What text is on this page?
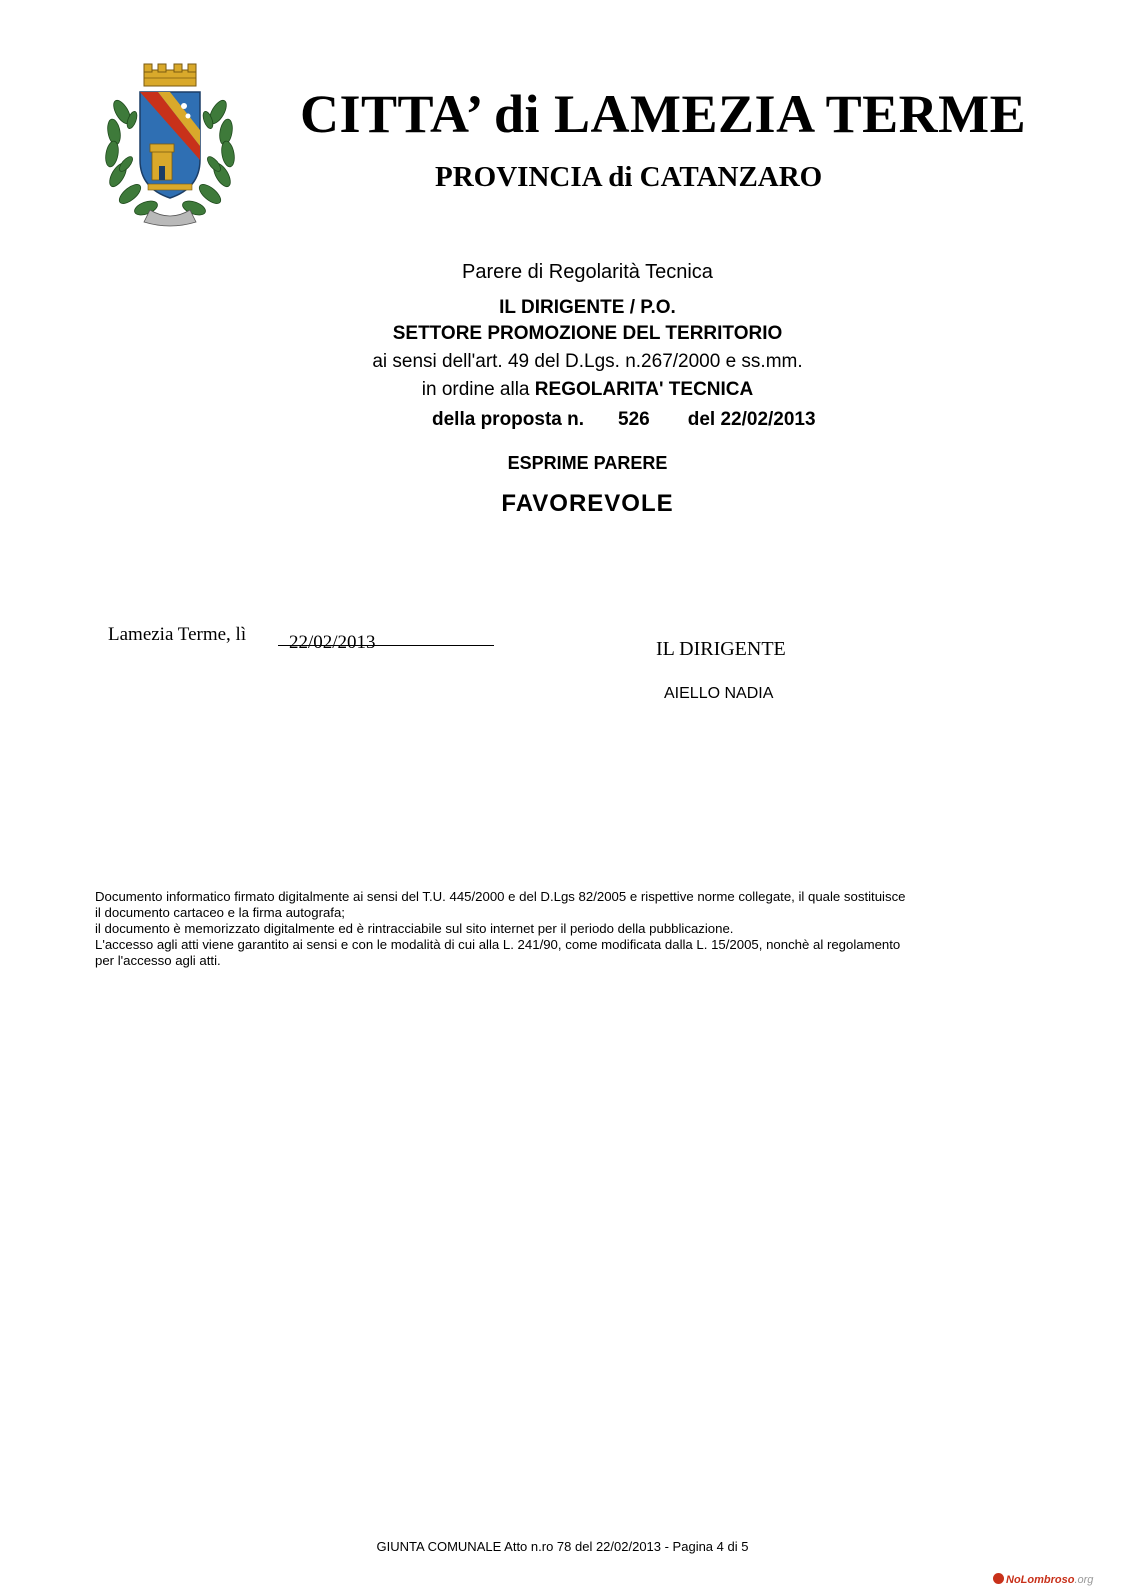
CITTA’ di LAMEZIA TERME
PROVINCIA di CATANZARO
Parere di Regolarità Tecnica
IL DIRIGENTE / P.O.
SETTORE PROMOZIONE DEL TERRITORIO
ai sensi dell'art. 49 del D.Lgs. n.267/2000 e ss.mm.
in ordine alla REGOLARITA' TECNICA
della proposta n. 526 del 22/02/2013
ESPRIME PARERE
FAVOREVOLE
Lamezia Terme, lì 22/02/2013	IL DIRIGENTE
AIELLO NADIA
Documento informatico firmato digitalmente ai sensi del T.U. 445/2000 e del D.Lgs 82/2005 e rispettive norme collegate, il quale sostituisce
il documento cartaceo e la firma autografa;
il documento è memorizzato digitalmente ed è rintracciabile sul sito internet per il periodo della pubblicazione.
L'accesso agli atti viene garantito ai sensi e con le modalità di cui alla L. 241/90, come modificata dalla L. 15/2005, nonchè al regolamento
per l'accesso agli atti.
GIUNTA COMUNALE Atto n.ro 78 del 22/02/2013 - Pagina 4 di 5
NoLombroso.org
